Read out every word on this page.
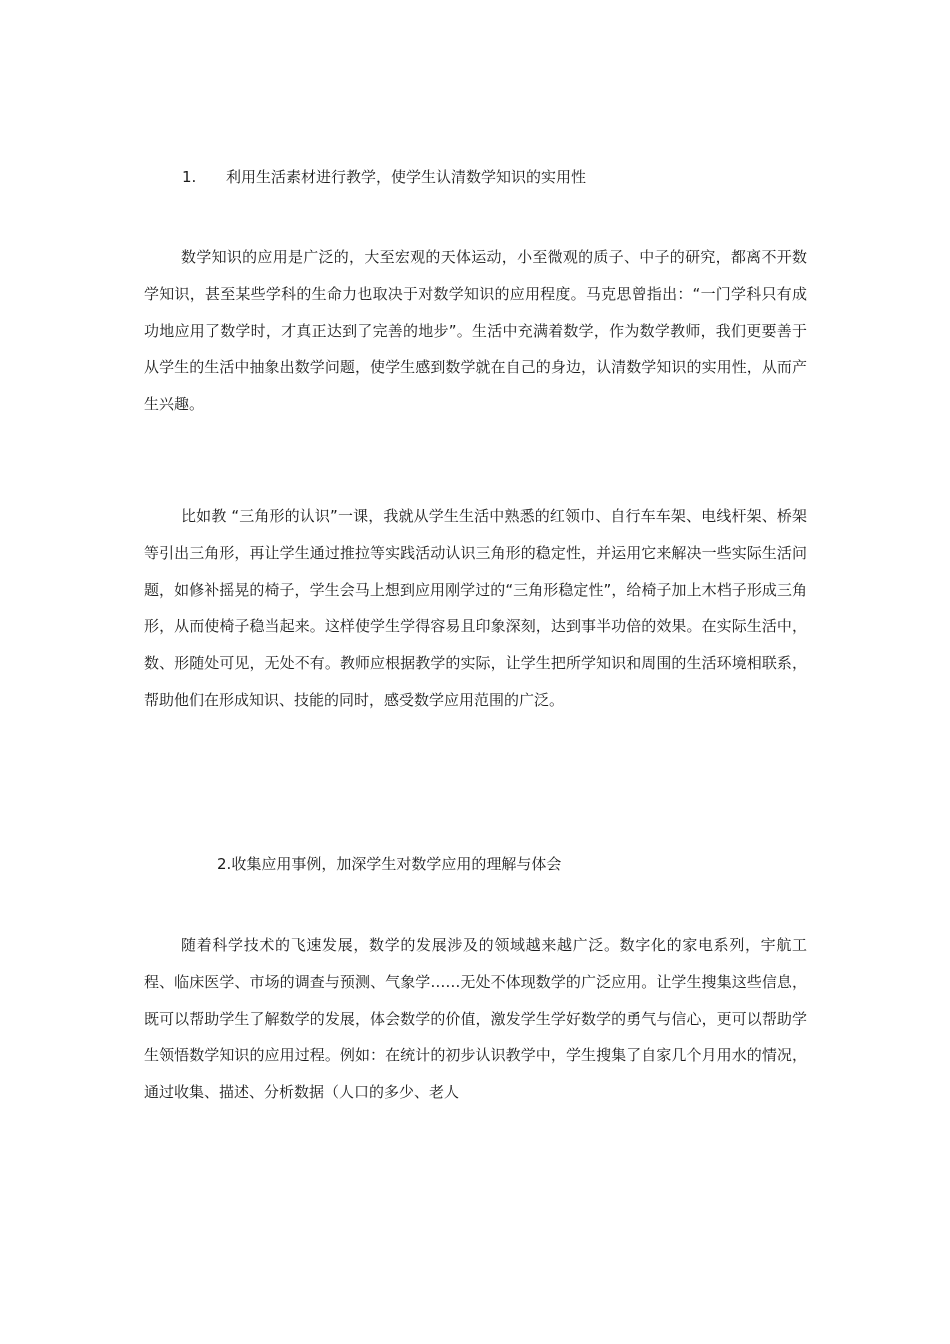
1. 利用生活素材进行教学，使学生认清数学知识的实用性

数学知识的应用是广泛的，大至宏观的天体运动，小至微观的质子、中子的研究，都离不开数学知识，甚至某些学科的生命力也取决于对数学知识的应用程度。马克思曾指出：“一门学科只有成功地应用了数学时，才真正达到了完善的地步”。生活中充满着数学，作为数学教师，我们更要善于从学生的生活中抽象出数学问题，使学生感到数学就在自己的身边，认清数学知识的实用性，从而产生兴趣。

比如教 “三角形的认识”一课，我就从学生生活中熟悉的红领巾、自行车车架、电线杆架、桥架等引出三角形，再让学生通过推拉等实践活动认识三角形的稳定性，并运用它来解决一些实际生活问题，如修补摇晃的椅子，学生会马上想到应用刚学过的“三角形稳定性”，给椅子加上木档子形成三角形，从而使椅子稳当起来。这样使学生学得容易且印象深刻，达到事半功倍的效果。在实际生活中，数、形随处可见，无处不有。教师应根据教学的实际，让学生把所学知识和周围的生活环境相联系，帮助他们在形成知识、技能的同时，感受数学应用范围的广泛。

2.收集应用事例，加深学生对数学应用的理解与体会

随着科学技术的飞速发展，数学的发展涉及的领域越来越广泛。数字化的家电系列，宇航工程、临床医学、市场的调查与预测、气象学……无处不体现数学的广泛应用。让学生搜集这些信息，既可以帮助学生了解数学的发展，体会数学的价值，激发学生学好数学的勇气与信心，更可以帮助学生领悟数学知识的应用过程。例如：在统计的初步认识教学中，学生搜集了自家几个月用水的情况，通过收集、描述、分析数据（人口的多少、老人
